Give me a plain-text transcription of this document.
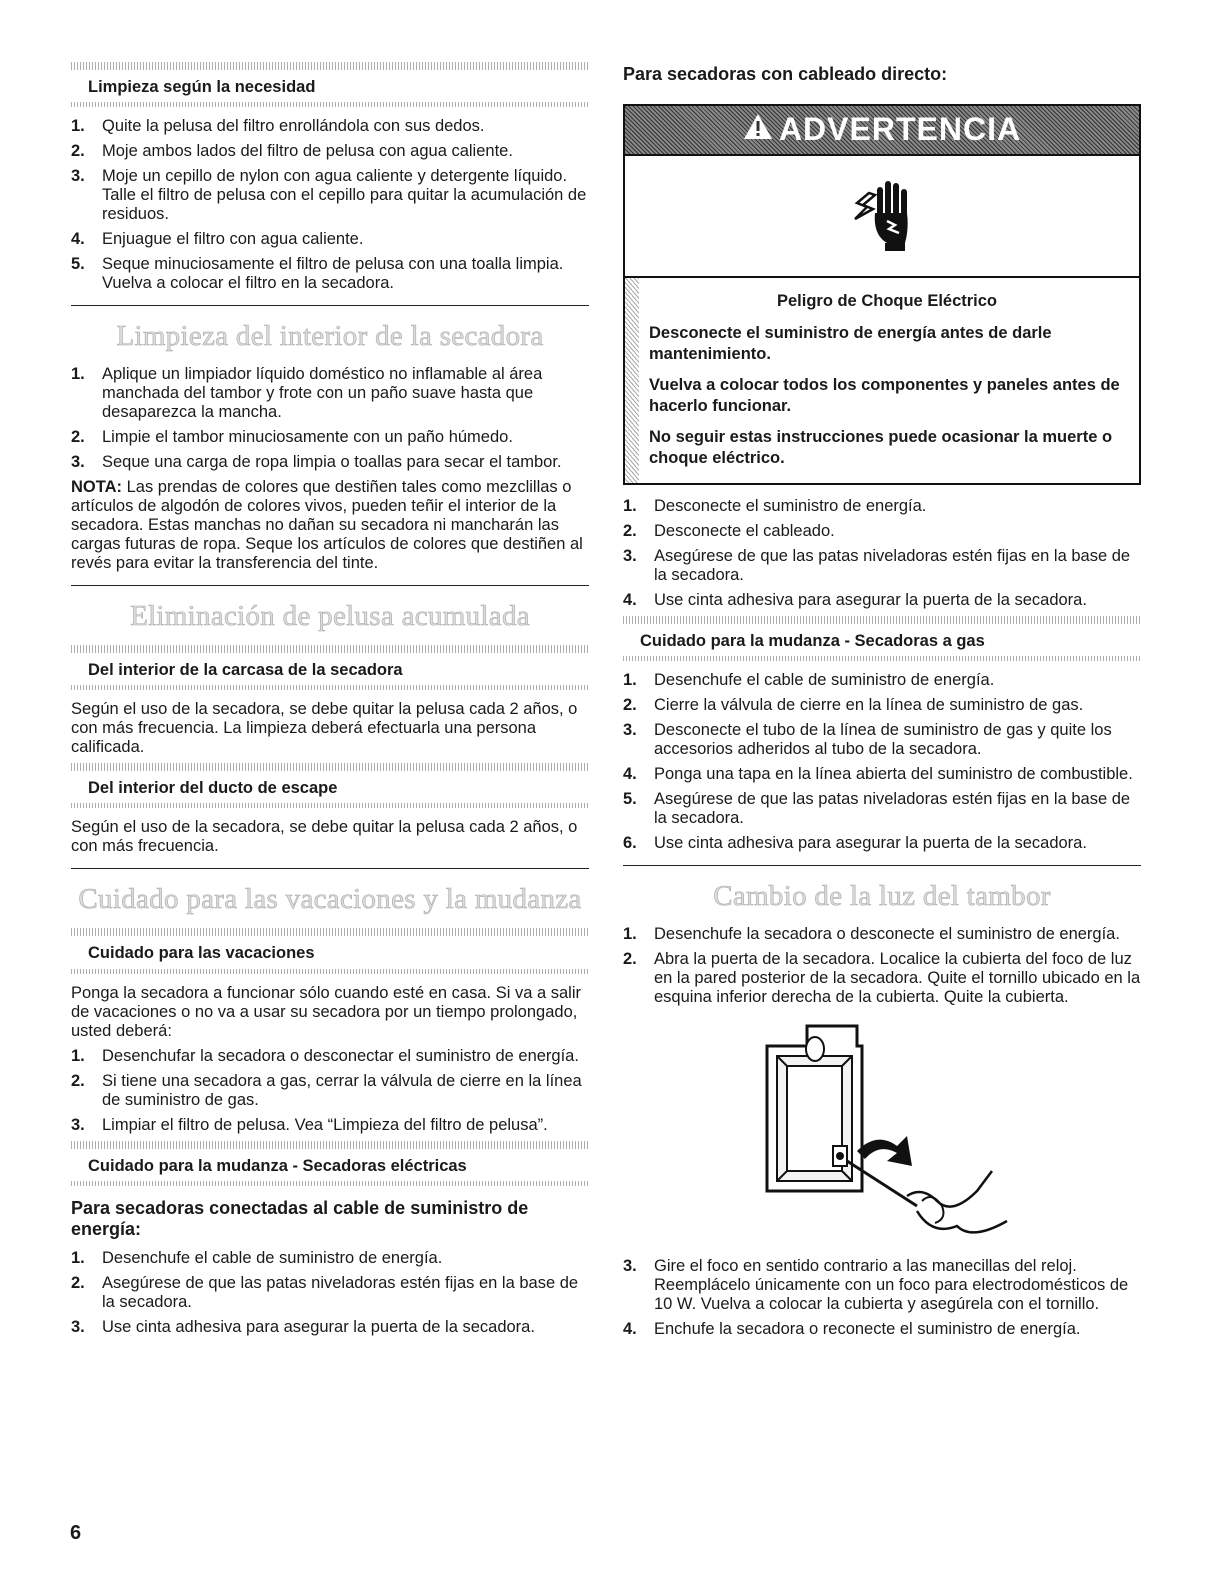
Limpieza según la necesidad
1. Quite la pelusa del filtro enrollándola con sus dedos.
2. Moje ambos lados del filtro de pelusa con agua caliente.
3. Moje un cepillo de nylon con agua caliente y detergente líquido. Talle el filtro de pelusa con el cepillo para quitar la acumulación de residuos.
4. Enjuague el filtro con agua caliente.
5. Seque minuciosamente el filtro de pelusa con una toalla limpia. Vuelva a colocar el filtro en la secadora.
Limpieza del interior de la secadora
1. Aplique un limpiador líquido doméstico no inflamable al área manchada del tambor y frote con un paño suave hasta que desaparezca la mancha.
2. Limpie el tambor minuciosamente con un paño húmedo.
3. Seque una carga de ropa limpia o toallas para secar el tambor.

NOTA: Las prendas de colores que destiñen tales como mezclillas o artículos de algodón de colores vivos, pueden teñir el interior de la secadora. Estas manchas no dañan su secadora ni mancharán las cargas futuras de ropa. Seque los artículos de colores que destiñen al revés para evitar la transferencia del tinte.

Eliminación de pelusa acumulada
Del interior de la carcasa de la secadora

Según el uso de la secadora, se debe quitar la pelusa cada 2 años, o con más frecuencia. La limpieza deberá efectuarla una persona calificada.

Del interior del ducto de escape

Según el uso de la secadora, se debe quitar la pelusa cada 2 años, o con más frecuencia.

Cuidado para las vacaciones y la mudanza
Cuidado para las vacaciones

Ponga la secadora a funcionar sólo cuando esté en casa. Si va a salir de vacaciones o no va a usar su secadora por un tiempo prolongado, usted deberá:

1. Desenchufar la secadora o desconectar el suministro de energía.
2. Si tiene una secadora a gas, cerrar la válvula de cierre en la línea de suministro de gas.
3. Limpiar el filtro de pelusa. Vea “Limpieza del filtro de pelusa”.
Cuidado para la mudanza - Secadoras eléctricas
Para secadoras conectadas al cable de suministro de energía:
1. Desenchufe el cable de suministro de energía.
2. Asegúrese de que las patas niveladoras estén fijas en la base de la secadora.
3. Use cinta adhesiva para asegurar la puerta de la secadora.
Para secadoras con cableado directo:
ADVERTENCIA
Peligro de Choque Eléctrico

Desconecte el suministro de energía antes de darle mantenimiento.

Vuelva a colocar todos los componentes y paneles antes de hacerlo funcionar.

No seguir estas instrucciones puede ocasionar la muerte o choque eléctrico.

1. Desconecte el suministro de energía.
2. Desconecte el cableado.
3. Asegúrese de que las patas niveladoras estén fijas en la base de la secadora.
4. Use cinta adhesiva para asegurar la puerta de la secadora.
Cuidado para la mudanza - Secadoras a gas
1. Desenchufe el cable de suministro de energía.
2. Cierre la válvula de cierre en la línea de suministro de gas.
3. Desconecte el tubo de la línea de suministro de gas y quite los accesorios adheridos al tubo de la secadora.
4. Ponga una tapa en la línea abierta del suministro de combustible.
5. Asegúrese de que las patas niveladoras estén fijas en la base de la secadora.
6. Use cinta adhesiva para asegurar la puerta de la secadora.
Cambio de la luz del tambor
1. Desenchufe la secadora o desconecte el suministro de energía.
2. Abra la puerta de la secadora. Localice la cubierta del foco de luz en la pared posterior de la secadora. Quite el tornillo ubicado en la esquina inferior derecha de la cubierta. Quite la cubierta.
3. Gire el foco en sentido contrario a las manecillas del reloj. Reemplácelo únicamente con un foco para electrodomésticos de 10 W. Vuelva a colocar la cubierta y asegúrela con el tornillo.
4. Enchufe la secadora o reconecte el suministro de energía.
6
